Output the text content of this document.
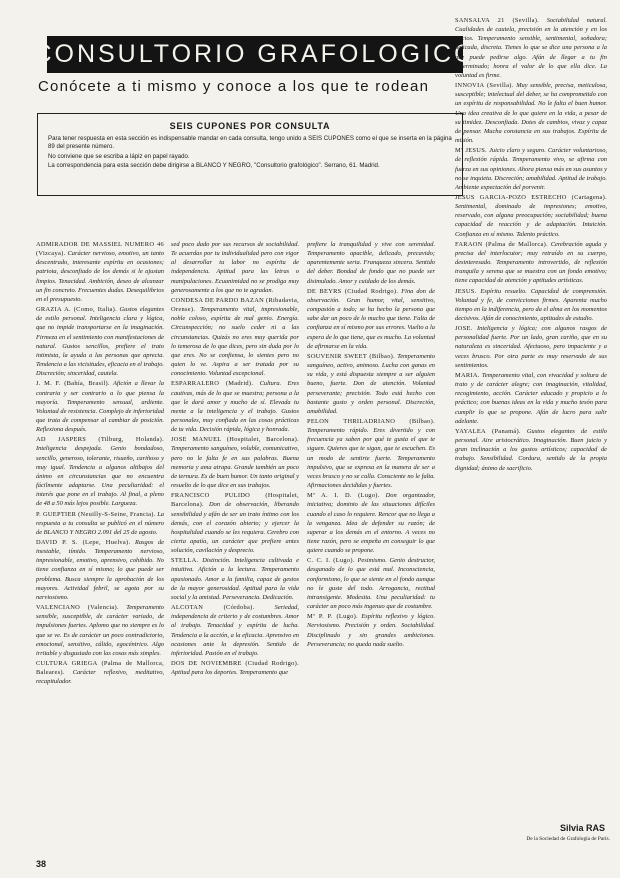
CONSULTORIO GRAFOLOGICO
Conócete a ti mismo y conoce a los que te rodean
SEIS CUPONES POR CONSULTA

Para tener respuesta en esta sección es indispensable mandar en cada consulta, tengo unido a SEIS CUPONES como el que se inserta en la página 89 del presente número.

No conviene que se escriba a lápiz en papel rayado.

La correspondencia para esta sección debe dirigirse a BLANCO Y NEGRO, "Consultorio grafológico". Serrano, 61. Madrid.

ADMIRADOR DE MASSIEL NUMERO 46 (Vizcaya). Carácter nervioso, emotivo, un tanto descentrado, interesante espíritu en ocasiones; patriota, desconfiado de los demás si le ajustan limpios. Tenacidad. Ambición, deseo de alcanzar un fin concreto. Frecuentes dudas. Desequilibrios en el presupuesto.

GRAZIA A. (Como, Italia). Gustos elegantes de estilo personal. Inteligencia clara y lógica, que no impide transportarse en la imaginación. Firmeza en el sentimiento con manifestaciones de natural. Gustos sencillos, prefiere el trato intimista, la ayuda a las personas que aprecia. Tendencia a las vicisitudes, eficacia en el trabajo. Discreción; sinceridad, cautela.

J. M. F. (Bahía, Brasil). Afición a llevar la contraria y ser contrario a lo que piensa la mayoría. Temperamento sensual, ardiente. Voluntad de resistencia. Complejo de inferioridad que trata de compensar al cambiar de posición. Reflexiona después.

AD JASPERS (Tilburg, Holanda). Inteligencia despejada. Genio bondadoso, sencillo, generoso, tolerante, risueño, cariñoso y muy igual. Tendencia a algunos altibajos del ánimo en circunstancias que no encuentra fácilmente adaptarse. Una peculiaridad: el interés que pone en el trabajo. Al final, a pleno de 48 a 50 más lejos posible. Largueza.

P. GUEPTIER (Neuilly-S-Seine, Francia). La respuesta a tu consulta se publicó en el número de BLANCO Y NEGRO 2.091 del 25 de agosto.

DAVID P. S. (Lepe, Huelva). Rasgos de inestable, tímido. Temperamento nervioso, impresionable, emotivo, aprensivo, cohibido. No tiene confianza en sí mismo; lo que puede ser problema. Busca siempre la aprobación de los mayores. Actividad febril, se agota por su nerviosismo.

VALENCIANO (Valencia). Temperamento sensible, susceptible, de carácter variado, de impulsiones fuertes. Aplomo que no siempre es lo que se ve. Es de carácter un poco contradictorio, emocional, sensitivo, cálido, egocéntrico. Algo irritable y disgustado con las cosas más simples.

CULTURA GRIEGA (Palma de Mallorca, Baleares). Carácter reflexivo, meditativo, recapitulador.

sed poco dado por sus recursos de sociabilidad. Te acuerdas por tu individualidad pero con vigor al desarrollar tu labor no espíritu de independencia. Aptitud para las letras o manipulaciones. Ecuanimidad no se prodiga muy generosamente a los que no te agradan.

CONDESA DE PARDO BAZAN (Ribadavia, Orense). Temperamento vital, impresionable, noble coloso, espíritu de mal genio. Energía. Circunspección; no suelo ceder ni a las circunstancias. Quizás no eres muy querida por lo temerosa de lo que dices, pero sin duda por lo que eres. No se confiensa, lo sientes pero no quien lo ve. Aspira a ser tratada por su conocimiento. Voluntad excepcional.

ESPARRALERO (Madrid). Cultura. Eres cautivas, más de lo que se muestra; persona a la que le dará amor y mucho de sí. Elevada tu mente a la inteligencia y el trabajo. Gustos personales, muy confiada en las cosas prácticas de tu vida. Decisión rápida, lógica y honrada.

JOSE MANUEL (Hospitalet, Barcelona). Temperamento sanguíneo, voluble, comunicativo, pero no le falta fe en sus palabras. Buena memoria y ama atrapa. Grande también un poco de ternura. Es de buen humor. Un tanto original y resuelto de lo que dice en sus trabajos.

FRANCISCO PULIDO (Hospitalet, Barcelona). Don de observación, liberando sensibilidad y afán de ser un trato íntimo con los demás, con el corazón abierto; y ejercer la hospitalidad cuando se les requiera. Cerebro con cierta apatía, un carácter que prefiere antes solución, cavilación y desprecio.

STELLA. Distinción. Inteligencia cultivada e intuitiva. Afición a la lectura. Temperamento apasionado. Amor a la familia, capaz de gestos de la mayor generosidad. Aptitud para la vida social y la amistad. Perseverancia. Dedicación.

ALCOTAN (Córdoba).	Seriedad, independencia de criterio y de costumbres. Amor al trabajo. Tenacidad y espíritu de lucha. Tendencia a la acción, a la eficacia. Aprensivo en ocasiones ante la depresión. Sentido de inferioridad. Pasión en el trabajo.

DOS DE NOVIEMBRE (Ciudad Rodrigo). Aptitud para los deportes. Temperamento que

prefiere la tranquilidad y vive con serenidad. Temperamento apacible, delicado, precavido; aparentemente seria. Franqueza sincera. Sentido del deber. Bondad de fondo que no puede ser disimulado. Amor y cuidado de los demás.

DE BEYRS (Ciudad Rodrigo). Fina don de observación. Gran humor, vital, sensitivo, compasión a todo; se ha hecho la persona que sabe dar un poco de lo mucho que tiene. Falta de confianza en sí mismo por sus errores. Vuelto a la espera de lo que tiene, que es mucho. La voluntad de afirmarse en la vida.

SOUVENIR SWEET (Bilbao). Temperamento sanguíneo, activo, animoso. Lucha con ganas en su vida, y está dispuesta siempre a ser alguien bueno, fuerte. Don de atención. Voluntad perseverante; precisión. Todo está hecho con bastante gusto y orden personal. Discreción, amabilidad.

PELON THRILADRIANO (Bilbao). Temperamento rápido. Eres divertido y con frecuencia ya saben por qué te gusta el que te siguen. Quieres que te sigan, que te escuchen. Es un modo de sentirte fuerte. Temperamento impulsivo, que se expresa en la manera de ser a veces brusco y no se calla. Consciente no le falta. Afirmaciones decididas y fuertes.

Mª A. I. D. (Lugo). Don organizador, iniciativa; dominio de las situaciones difíciles cuando el caso lo requiere. Rencor que no llega a la venganza. Idea de defender su razón; de superar a los demás en el entorno. A veces no tiene razón, pero se empeña en conseguir lo que quiere cuando se propone.

C. C. I. (Lugo). Pesimismo. Genio destructor, desganado de lo que está mal. Inconsciencia, conformismo, lo que se siente en el fondo aunque no le guste del todo. Arrogancia, rectitud intransigente. Modestia. Una peculiaridad: tu carácter un poco más ingenuo que de costumbre.

Mª P. P. (Lugo). Espíritu reflexivo y lógico. Nerviosismo. Precisión y orden. Sociabilidad. Disciplinado y sin grandes ambiciones. Perseverancia; no queda nada suelto.

SANSALVA 21 (Sevilla). Sociabilidad natural. Cualidades de cautela, precisión en la atención y en los juicios. Temperamento sensible, sentimental, soñadora; delicada, discreta. Tienes lo que se dice una persona a la que puede pedirse algo. Afán de llegar a tu fin determinado; honra el valor de lo que ella dice. La voluntad es firme.

INNOVIA (Sevilla). Muy sensible, precisa, meticulosa, susceptible; intelectual del deber, se ha comprometido con un espíritu de responsabilidad. No le falta el buen humor. Una idea creativa de lo que quiere en la vida, a pesar de su timidez. Desconfiada. Dotes de cambios, vivaz y capaz de pensar. Mucha constancia en sus trabajos. Espíritu de misión.

Mª JESUS. Juicio claro y seguro. Carácter voluntarioso, de reflexión rápida. Temperamento vivo, se afirma con fuerza en sus opiniones. Ahora piensa más en sus asuntos y no se inquieta. Discreción; amabilidad. Aptitud de trabajo. Ambiente expectación del porvenir.

JESUS GARCIA-POZO ESTRECHO (Cartagena). Sentimental, dominado de impresiones; emotivo, reservado, con alguna preocupación; sociabilidad; buena capacidad de reacción y de adaptación. Intuición. Confianza en sí mismo. Talento práctico.

FARAON (Palma de Mallorca). Cerebración aguda y precisa del interlocutor; muy retraído en su cuerpo, desinteresado. Temperamento introvertido, de reflexión tranquila y serena que se muestra con un fondo emotivo; tiene capacidad de atención y aptitudes artísticas.

JESUS. Espíritu resuelto. Capacidad de comprensión. Voluntad y fe, de convicciones firmes. Aparenta mucho tiempo en la indiferencia, pero da el alma en los momentos decisivos. Afán de conocimiento, aptitudes de estudio.

JOSE. Inteligencia y lógica; con algunos rasgos de personalidad fuerte. Por un lado, gran cariño, que en su naturaleza es sinceridad. Afectuoso, pero impaciente y a veces brusco. Por otra parte es muy reservado de sus sentimientos.

MARIA. Temperamento vital, con vivacidad y soltura de trato y de carácter alegre; con imaginación, vitalidad, recogimiento, acción. Carácter educado y propicio a lo práctico; con buenas ideas en la vida y mucho tesón para cumplir lo que se propone. Afán de lucro para salir adelante.

YAYALEA (Panamá). Gustos elegantes de estilo personal. Aire aristocrático. Imaginación. Buen juicio y gran inclinación a los gustos artísticos; capacidad de trabajo. Sensibilidad. Cordura, sentido de la propia dignidad; ánimo de sacrificio.

38
Silvia RAS
De la Sociedad de Grafología de París.
